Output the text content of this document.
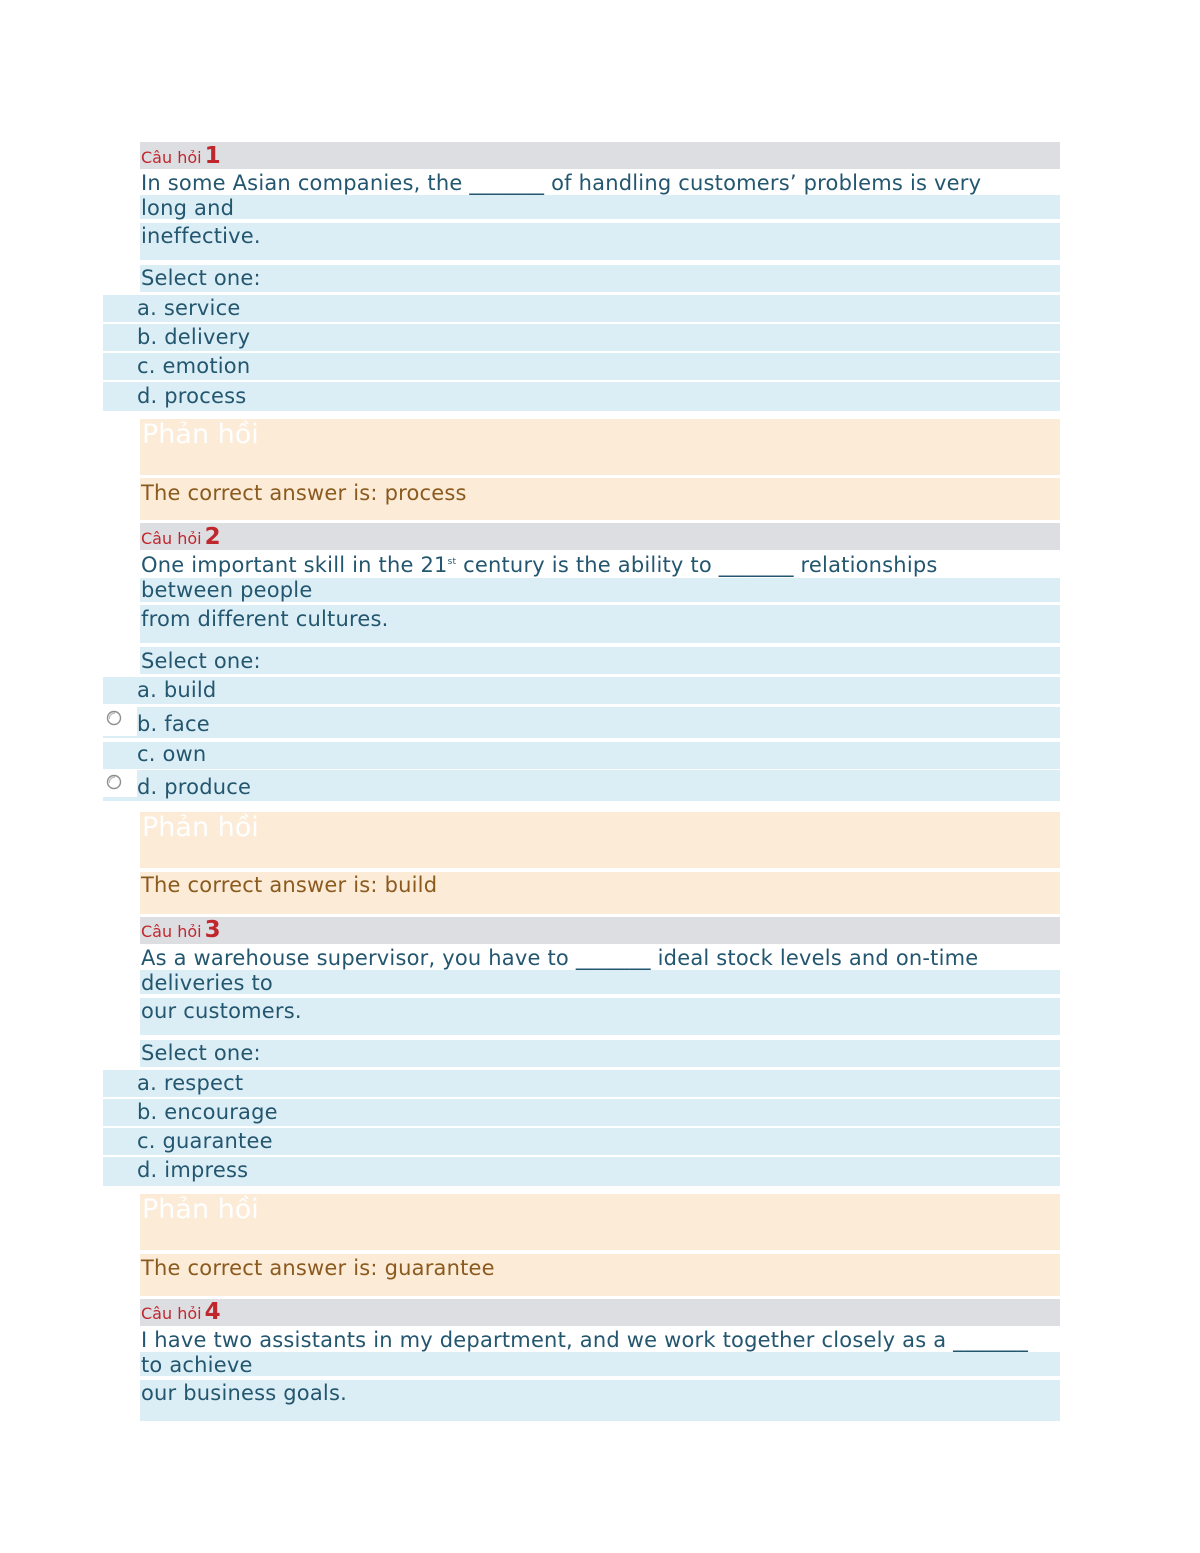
Câu hỏi 1
In some Asian companies, the _______ of handling customers’ problems is very
long and
ineffective.
Select one:
a. service
b. delivery
c. emotion
d. process
Phản hồi
The correct answer is: process
Câu hỏi 2
One important skill in the 21st century is the ability to _______ relationships
between people
from different cultures.
Select one:
a. build
b. face
c. own
d. produce
Phản hồi
The correct answer is: build
Câu hỏi 3
As a warehouse supervisor, you have to _______ ideal stock levels and on-time
deliveries to
our customers.
Select one:
a. respect
b. encourage
c. guarantee
d. impress
Phản hồi
The correct answer is: guarantee
Câu hỏi 4
I have two assistants in my department, and we work together closely as a _______
to achieve
our business goals.
